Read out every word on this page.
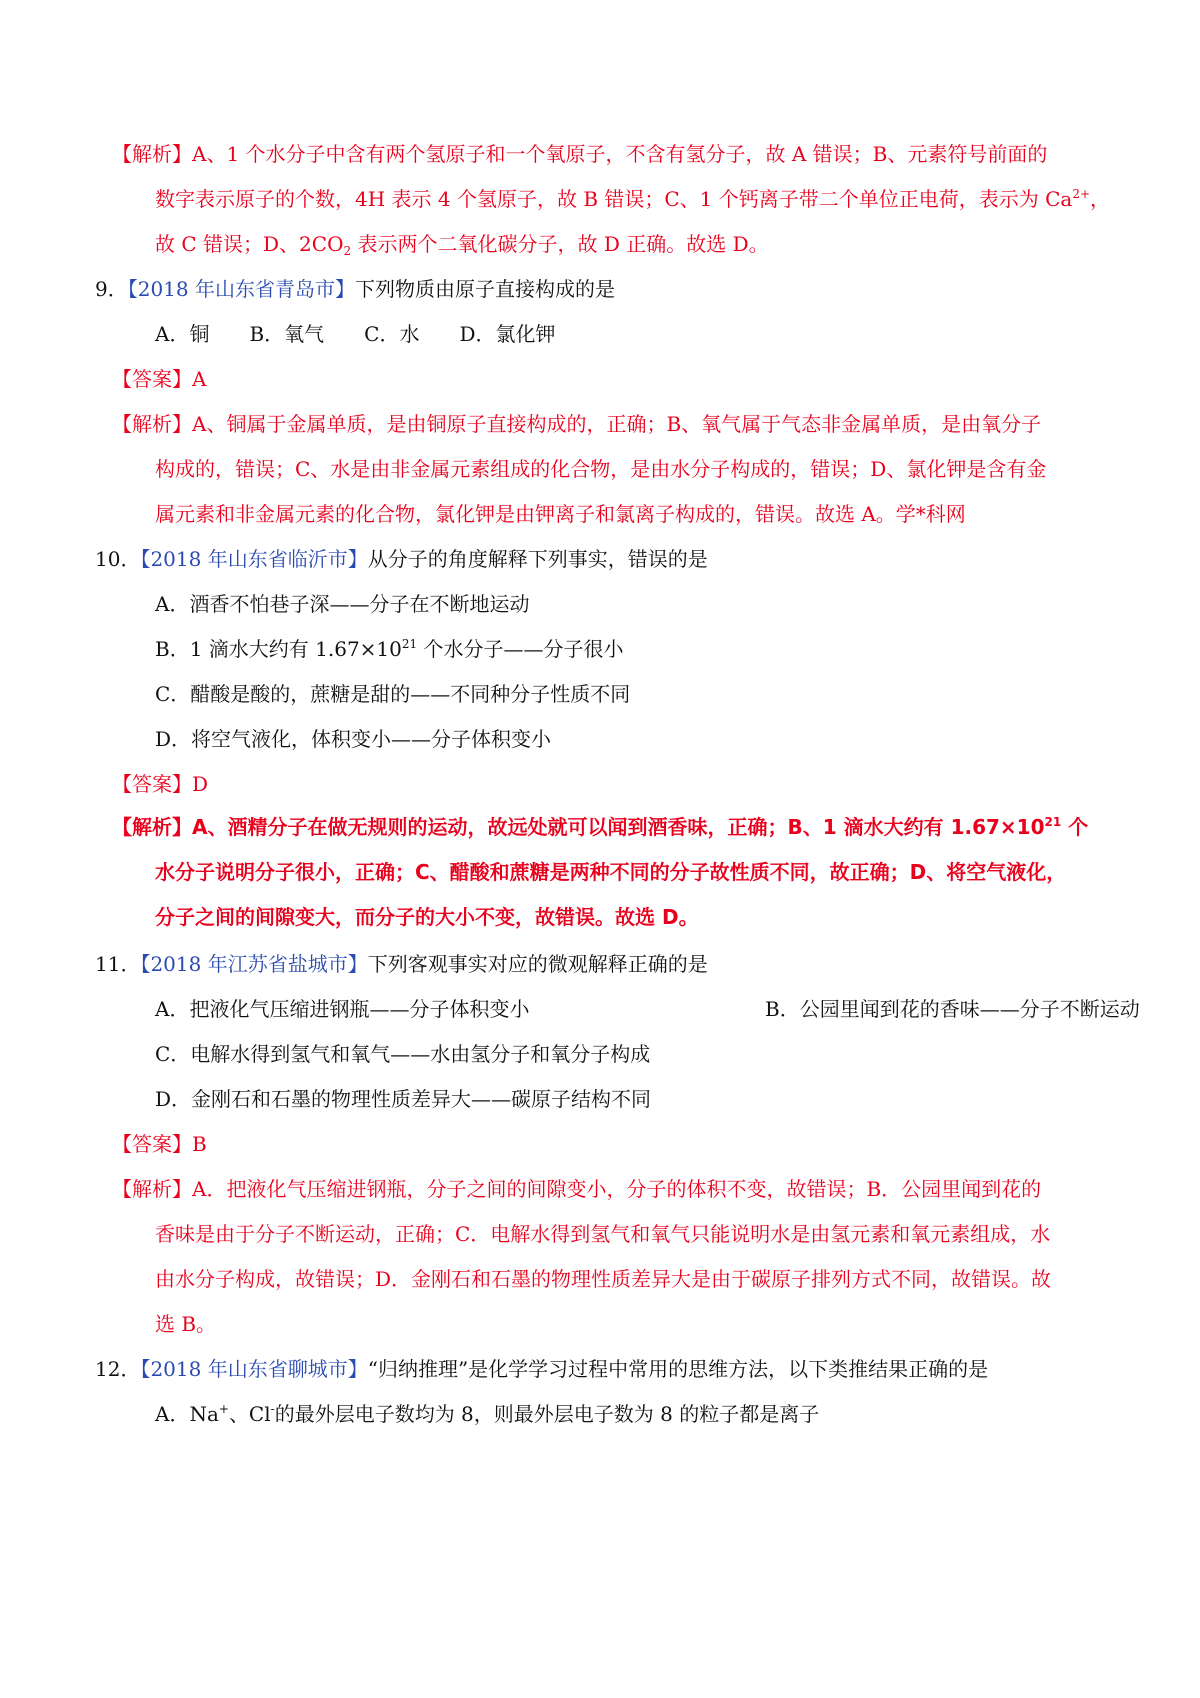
【解析】A、1 个水分子中含有两个氢原子和一个氧原子，不含有氢分子，故 A 错误；B、元素符号前面的
数字表示原子的个数，4H 表示 4 个氢原子，故 B 错误；C、1 个钙离子带二个单位正电荷，表示为 $Ca^{2+}$，
故 C 错误；D、$2CO_2$ 表示两个二氧化碳分子，故 D 正确。故选 D。
9．【2018 年山东省青岛市】下列物质由原子直接构成的是
A．铜　　B．氧气　　C．水　　D．氯化钾
【答案】A
【解析】A、铜属于金属单质，是由铜原子直接构成的，正确；B、氧气属于气态非金属单质，是由氧分子
构成的，错误；C、水是由非金属元素组成的化合物，是由水分子构成的，错误；D、氯化钾是含有金
属元素和非金属元素的化合物，氯化钾是由钾离子和氯离子构成的，错误。故选 A。学*科网
10．【2018 年山东省临沂市】从分子的角度解释下列事实，错误的是
A．酒香不怕巷子深——分子在不断地运动
B．1 滴水大约有 $1.67\times 10^{21}$ 个水分子——分子很小
C．醋酸是酸的，蔗糖是甜的——不同种分子性质不同
D．将空气液化，体积变小——分子体积变小
【答案】D
【解析】A、酒精分子在做无规则的运动，故远处就可以闻到酒香味，正确；B、1 滴水大约有 $1.67\times 10^{21}$ 个
水分子说明分子很小，正确；C、醋酸和蔗糖是两种不同的分子故性质不同，故正确；D、将空气液化，
分子之间的间隙变大，而分子的大小不变，故错误。故选 D。
11．【2018 年江苏省盐城市】下列客观事实对应的微观解释正确的是
A．把液化气压缩进钢瓶——分子体积变小	B．公园里闻到花的香味——分子不断运动
C．电解水得到氢气和氧气——水由氢分子和氧分子构成
D．金刚石和石墨的物理性质差异大——碳原子结构不同
【答案】B
【解析】A．把液化气压缩进钢瓶，分子之间的间隙变小，分子的体积不变，故错误；B．公园里闻到花的
香味是由于分子不断运动，正确；C．电解水得到氢气和氧气只能说明水是由氢元素和氧元素组成，水
由水分子构成，故错误；D．金刚石和石墨的物理性质差异大是由于碳原子排列方式不同，故错误。故
选 B。
12．【2018 年山东省聊城市】“归纳推理”是化学学习过程中常用的思维方法，以下类推结果正确的是
A．Na+、Cl-的最外层电子数均为 8，则最外层电子数为 8 的粒子都是离子
